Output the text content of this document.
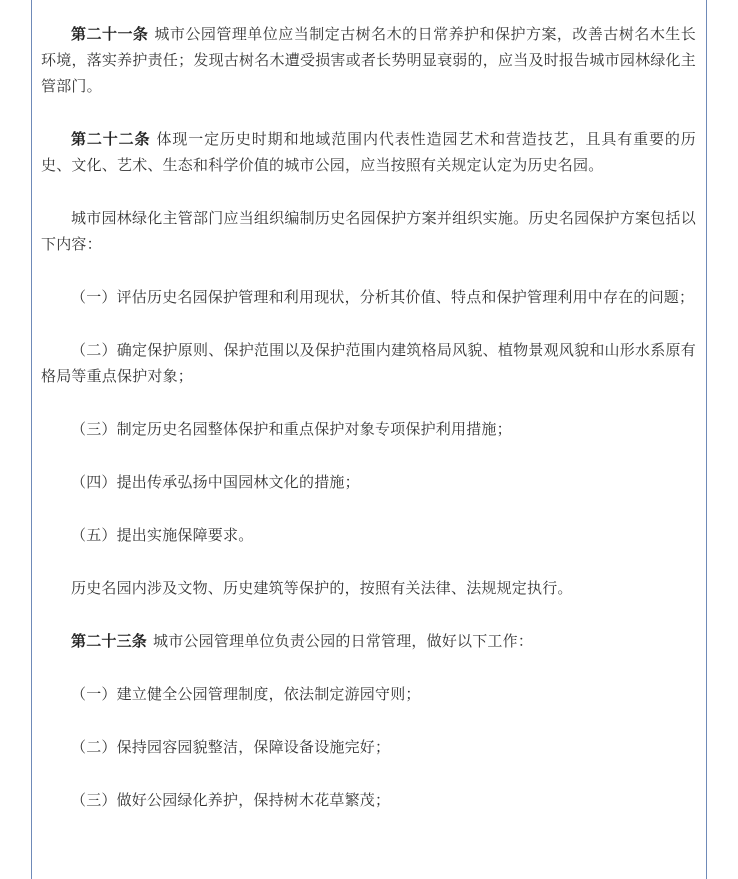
第二十一条 城市公园管理单位应当制定古树名木的日常养护和保护方案，改善古树名木生长环境，落实养护责任；发现古树名木遭受损害或者长势明显衰弱的，应当及时报告城市园林绿化主管部门。

第二十二条 体现一定历史时期和地域范围内代表性造园艺术和营造技艺，且具有重要的历史、文化、艺术、生态和科学价值的城市公园，应当按照有关规定认定为历史名园。

城市园林绿化主管部门应当组织编制历史名园保护方案并组织实施。历史名园保护方案包括以下内容：

（一）评估历史名园保护管理和利用现状，分析其价值、特点和保护管理利用中存在的问题；

（二）确定保护原则、保护范围以及保护范围内建筑格局风貌、植物景观风貌和山形水系原有格局等重点保护对象；

（三）制定历史名园整体保护和重点保护对象专项保护利用措施；

（四）提出传承弘扬中国园林文化的措施；

（五）提出实施保障要求。

历史名园内涉及文物、历史建筑等保护的，按照有关法律、法规规定执行。

第二十三条 城市公园管理单位负责公园的日常管理，做好以下工作：

（一）建立健全公园管理制度，依法制定游园守则；

（二）保持园容园貌整洁，保障设备设施完好；

（三）做好公园绿化养护，保持树木花草繁茂；
